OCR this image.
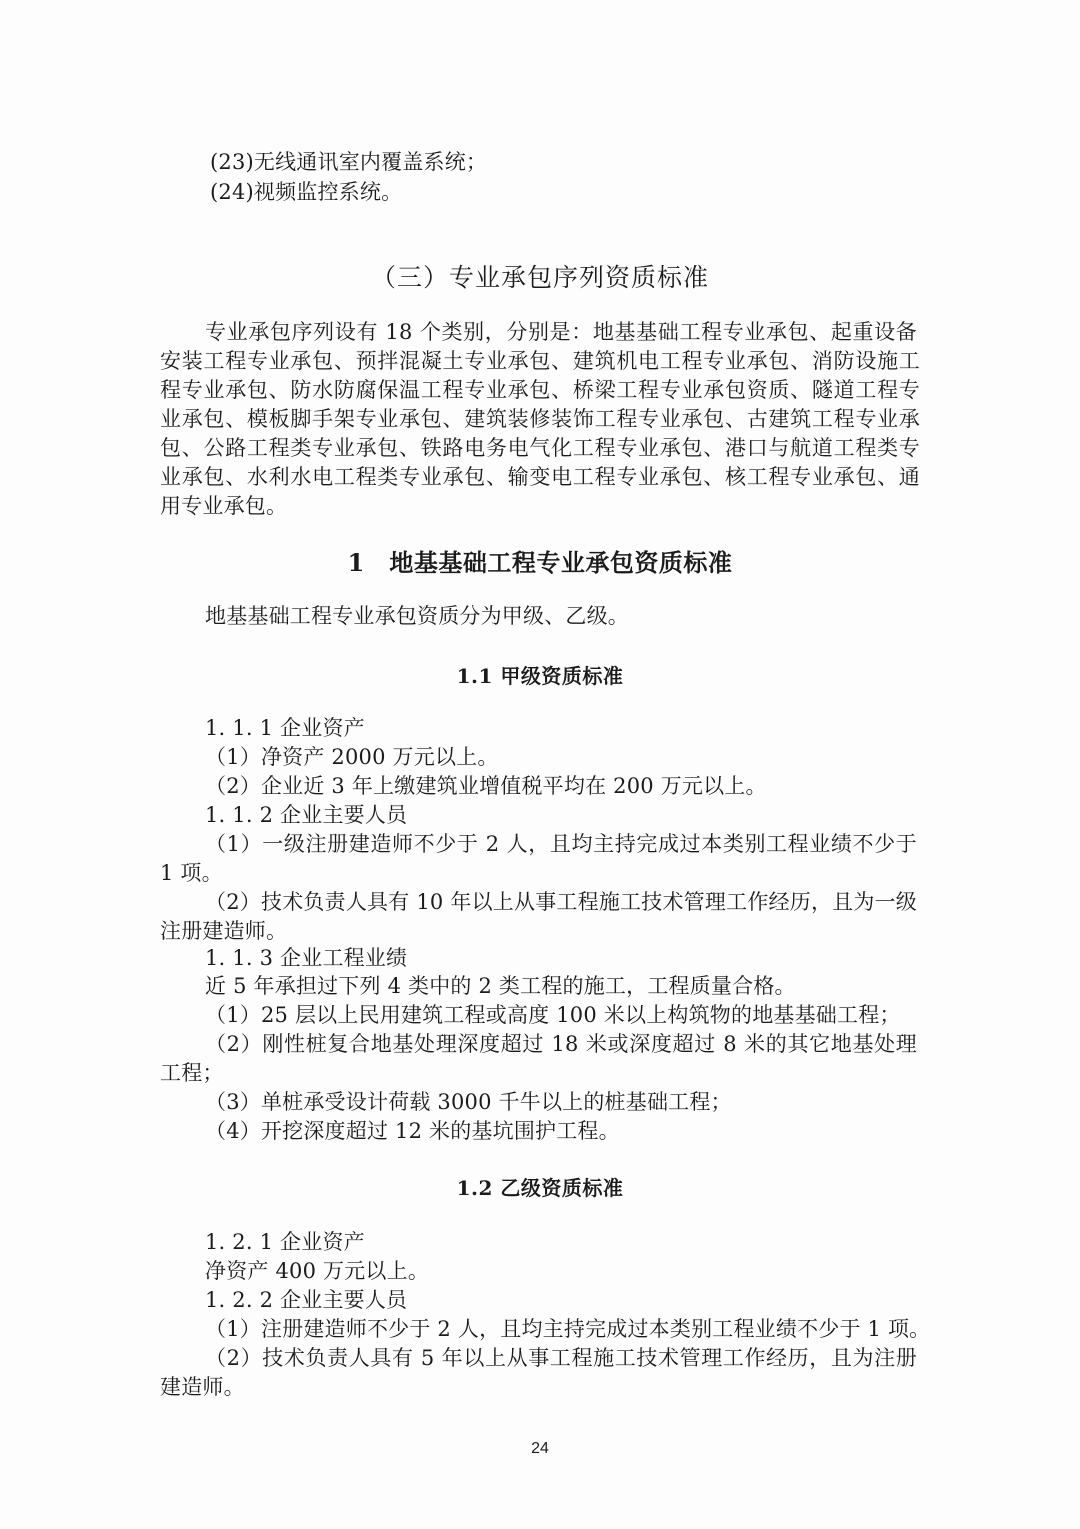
(23)无线通讯室内覆盖系统；
(24)视频监控系统。
（三）专业承包序列资质标准
专业承包序列设有 18 个类别，分别是：地基基础工程专业承包、起重设备
安装工程专业承包、预拌混凝土专业承包、建筑机电工程专业承包、消防设施工
程专业承包、防水防腐保温工程专业承包、桥梁工程专业承包资质、隧道工程专
业承包、模板脚手架专业承包、建筑装修装饰工程专业承包、古建筑工程专业承
包、公路工程类专业承包、铁路电务电气化工程专业承包、港口与航道工程类专
业承包、水利水电工程类专业承包、输变电工程专业承包、核工程专业承包、通
用专业承包。
1　地基基础工程专业承包资质标准
地基基础工程专业承包资质分为甲级、乙级。
1.1 甲级资质标准
1. 1. 1 企业资产
（1）净资产 2000 万元以上。
（2）企业近 3 年上缴建筑业增值税平均在 200 万元以上。
1. 1. 2 企业主要人员
（1）一级注册建造师不少于 2 人，且均主持完成过本类别工程业绩不少于
1 项。
（2）技术负责人具有 10 年以上从事工程施工技术管理工作经历，且为一级
注册建造师。
1. 1. 3 企业工程业绩
近 5 年承担过下列 4 类中的 2 类工程的施工，工程质量合格。
（1）25 层以上民用建筑工程或高度 100 米以上构筑物的地基基础工程；
（2）刚性桩复合地基处理深度超过 18 米或深度超过 8 米的其它地基处理
工程；
（3）单桩承受设计荷载 3000 千牛以上的桩基础工程；
（4）开挖深度超过 12 米的基坑围护工程。
1.2 乙级资质标准
1. 2. 1 企业资产
净资产 400 万元以上。
1. 2. 2 企业主要人员
（1）注册建造师不少于 2 人，且均主持完成过本类别工程业绩不少于 1 项。
（2）技术负责人具有 5 年以上从事工程施工技术管理工作经历，且为注册
建造师。
24
